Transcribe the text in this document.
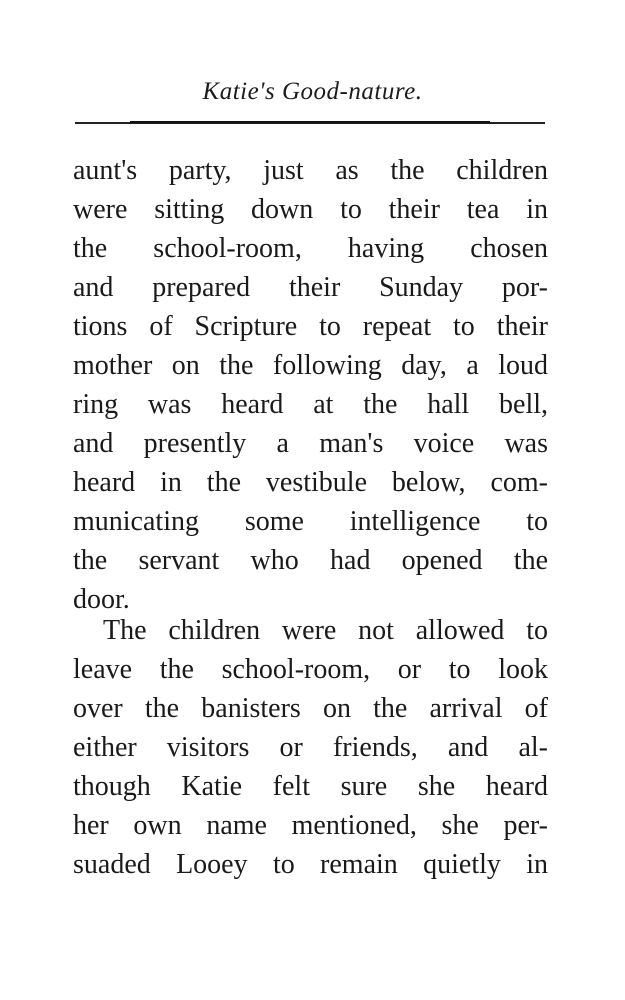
Katie's Good-nature.
aunt's party, just as the children
were sitting down to their tea in
the school-room, having chosen
and prepared their Sunday por-
tions of Scripture to repeat to their
mother on the following day, a loud
ring was heard at the hall bell,
and presently a man's voice was
heard in the vestibule below, com-
municating some intelligence to
the servant who had opened the
door.
The children were not allowed to
leave the school-room, or to look
over the banisters on the arrival of
either visitors or friends, and al-
though Katie felt sure she heard
her own name mentioned, she per-
suaded Looey to remain quietly in
